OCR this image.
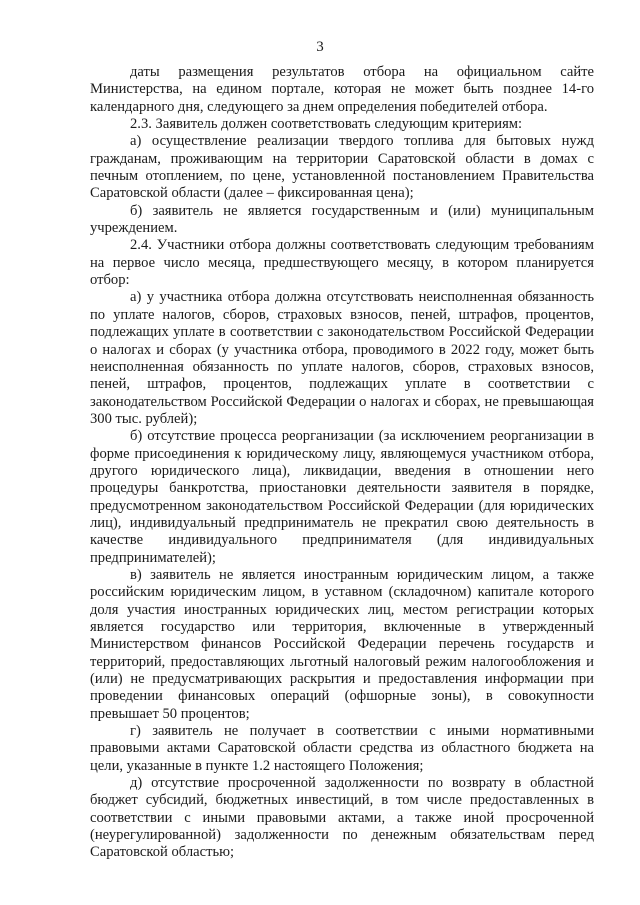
3

даты размещения результатов отбора на официальном сайте Министерства, на едином портале, которая не может быть позднее 14-го календарного дня, следующего за днем определения победителей отбора.

2.3. Заявитель должен соответствовать следующим критериям:

а) осуществление реализации твердого топлива для бытовых нужд гражданам, проживающим на территории Саратовской области в домах с печным отоплением, по цене, установленной постановлением Правительства Саратовской области (далее – фиксированная цена);

б) заявитель не является государственным и (или) муниципальным учреждением.

2.4. Участники отбора должны соответствовать следующим требованиям на первое число месяца, предшествующего месяцу, в котором планируется отбор:

а) у участника отбора должна отсутствовать неисполненная обязанность по уплате налогов, сборов, страховых взносов, пеней, штрафов, процентов, подлежащих уплате в соответствии с законодательством Российской Федерации о налогах и сборах (у участника отбора, проводимого в 2022 году, может быть неисполненная обязанность по уплате налогов, сборов, страховых взносов, пеней, штрафов, процентов, подлежащих уплате в соответствии с законодательством Российской Федерации о налогах и сборах, не превышающая 300 тыс. рублей);

б) отсутствие процесса реорганизации (за исключением реорганизации в форме присоединения к юридическому лицу, являющемуся участником отбора, другого юридического лица), ликвидации, введения в отношении него процедуры банкротства, приостановки деятельности заявителя в порядке, предусмотренном законодательством Российской Федерации (для юридических лиц), индивидуальный предприниматель не прекратил свою деятельность в качестве индивидуального предпринимателя (для индивидуальных предпринимателей);

в) заявитель не является иностранным юридическим лицом, а также российским юридическим лицом, в уставном (складочном) капитале которого доля участия иностранных юридических лиц, местом регистрации которых является государство или территория, включенные в утвержденный Министерством финансов Российской Федерации перечень государств и территорий, предоставляющих льготный налоговый режим налогообложения и (или) не предусматривающих раскрытия и предоставления информации при проведении финансовых операций (офшорные зоны), в совокупности превышает 50 процентов;

г) заявитель не получает в соответствии с иными нормативными правовыми актами Саратовской области средства из областного бюджета на цели, указанные в пункте 1.2 настоящего Положения;

д) отсутствие просроченной задолженности по возврату в областной бюджет субсидий, бюджетных инвестиций, в том числе предоставленных в соответствии с иными правовыми актами, а также иной просроченной (неурегулированной) задолженности по денежным обязательствам перед Саратовской областью;
